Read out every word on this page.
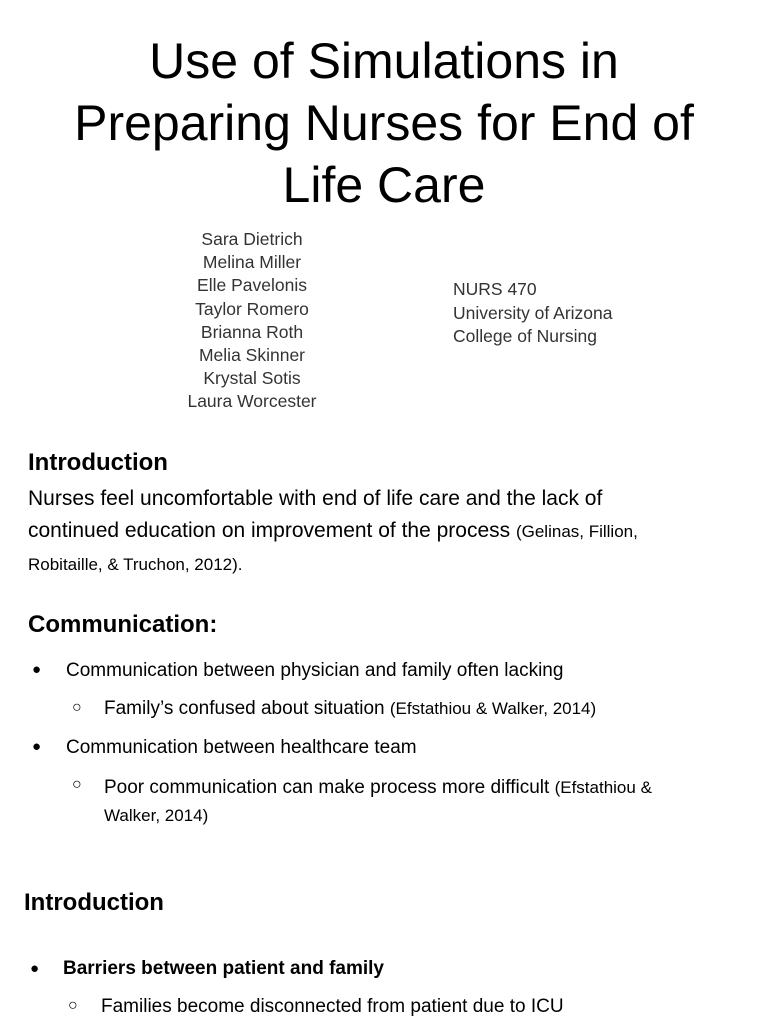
Use of Simulations in
Preparing Nurses for End of
Life Care
Sara Dietrich
Melina Miller
Elle Pavelonis
Taylor Romero
Brianna Roth
Melia Skinner
Krystal Sotis
Laura Worcester
NURS 470
University of Arizona
College of Nursing
Introduction
Nurses feel uncomfortable with end of life care and the lack of
continued education on improvement of the process (Gelinas, Fillion,
Robitaille, & Truchon, 2012).
Communication:
● Communication between physician and family often lacking
○ Family’s confused about situation (Efstathiou & Walker, 2014)
● Communication between healthcare team
○ Poor communication can make process more difficult (Efstathiou &
Walker, 2014)
Introduction
● Barriers between patient and family
○ Families become disconnected from patient due to ICU
